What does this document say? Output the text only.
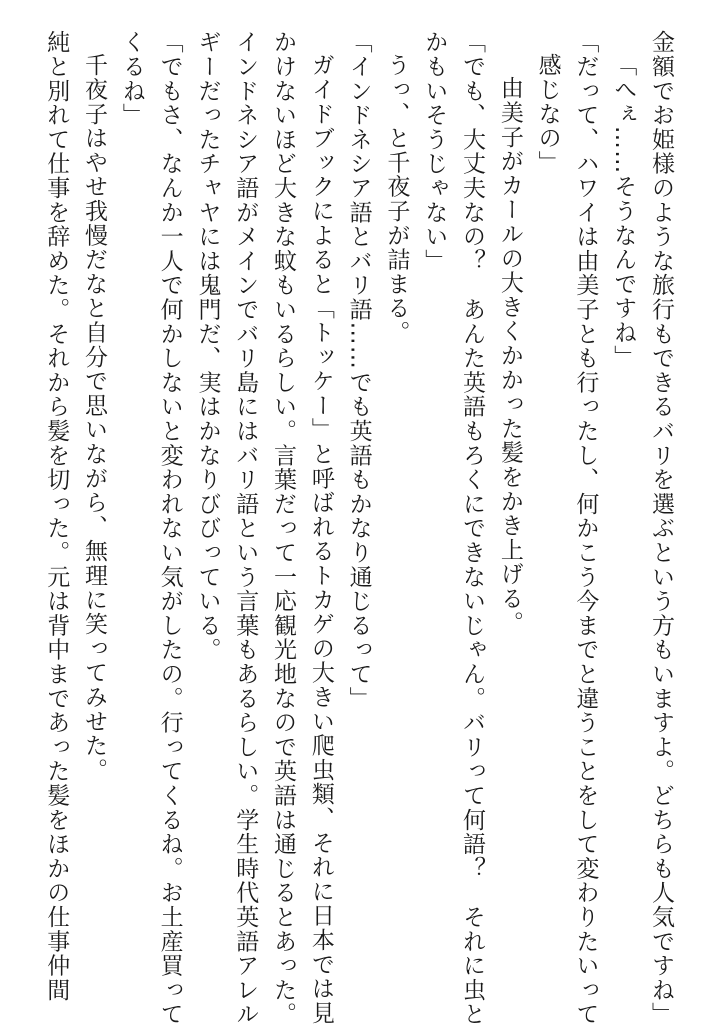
金額でお姫様のような旅行もできるバリを選ぶという方もいますよ。どちらも人気ですね」

「へぇ……そうなんですね」

「だって、ハワイは由美子とも行ったし、何かこう今までと違うことをして変わりたいって

感じなの」

由美子がカールの大きくかかった髪をかき上げる。

「でも、大丈夫なの？　あんた英語もろくにできないじゃん。バリって何語？　それに虫と

かもいそうじゃない」

うっ、と千夜子が詰まる。

「インドネシア語とバリ語……でも英語もかなり通じるって」

ガイドブックによると「トッケー」と呼ばれるトカゲの大きい爬虫類、それに日本では見

かけないほど大きな蚊もいるらしい。言葉だって一応観光地なので英語は通じるとあった。

インドネシア語がメインでバリ島にはバリ語という言葉もあるらしい。学生時代英語アレル

ギーだったチャヤには鬼門だ、実はかなりびびっている。

「でもさ、なんか一人で何かしないと変われない気がしたの。行ってくるね。お土産買って

くるね」

千夜子はやせ我慢だなと自分で思いながら、無理に笑ってみせた。

純と別れて仕事を辞めた。それから髪を切った。元は背中まであった髪をほかの仕事仲間
